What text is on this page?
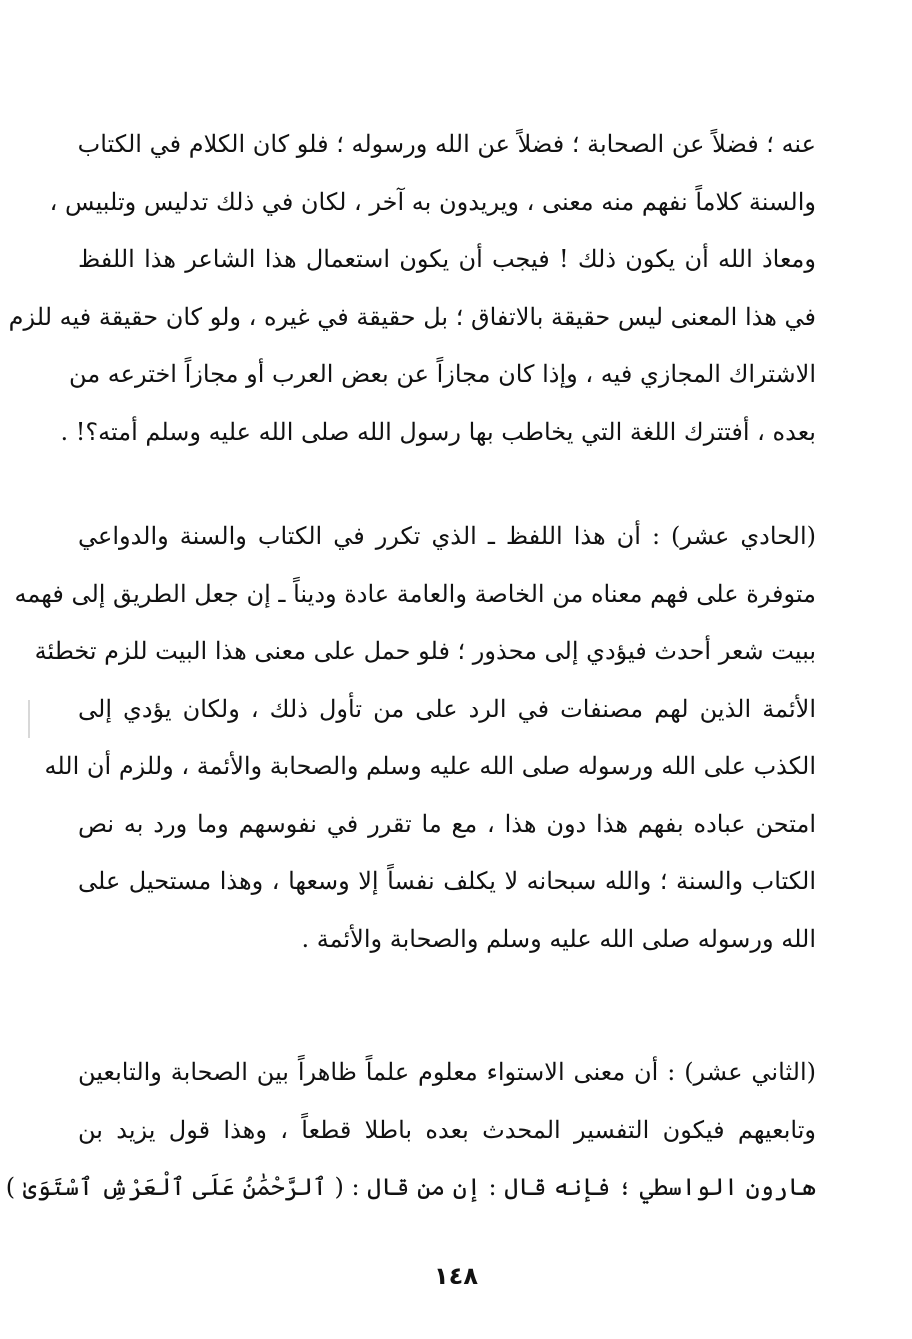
عنه ؛ فضلاً عن الصحابة ؛ فضلاً عن الله ورسوله ؛ فلو كان الكلام في الكتاب
والسنة كلاماً نفهم منه معنى ، ويريدون به آخر ، لكان في ذلك تدليس وتلبيس ،
ومعاذ الله أن يكون ذلك ! فيجب أن يكون استعمال هذا الشاعر هذا اللفظ
في هذا المعنى ليس حقيقة بالاتفاق ؛ بل حقيقة في غيره ، ولو كان حقيقة فيه للزم
الاشتراك المجازي فيه ، وإذا كان مجازاً عن بعض العرب أو مجازاً اخترعه من
بعده ، أفتترك اللغة التي يخاطب بها رسول الله صلى الله عليه وسلم أمته؟! .
(الحادي عشر) : أن هذا اللفظ ـ الذي تكرر في الكتاب والسنة والدواعي
متوفرة على فهم معناه من الخاصة والعامة عادة وديناً ـ إن جعل الطريق إلى فهمه
ببيت شعر أحدث فيؤدي إلى محذور ؛ فلو حمل على معنى هذا البيت للزم تخطئة
الأئمة الذين لهم مصنفات في الرد على من تأول ذلك ، ولكان يؤدي إلى
الكذب على الله ورسوله صلى الله عليه وسلم والصحابة والأئمة ، وللزم أن الله
امتحن عباده بفهم هذا دون هذا ، مع ما تقرر في نفوسهم وما ورد به نص
الكتاب والسنة ؛ والله سبحانه لا يكلف نفساً إلا وسعها ، وهذا مستحيل على
الله ورسوله صلى الله عليه وسلم والصحابة والأئمة .
(الثاني عشر) : أن معنى الاستواء معلوم علماً ظاهراً بين الصحابة والتابعين
وتابعيهم فيكون التفسير المحدث بعده باطلا قطعاً ، وهذا قول يزيد بن
هارون الواسطي ؛ فإنه قال : إن من قال : ( ٱلرَّحْمَٰنُ عَلَى ٱلْعَرْشِ ٱسْتَوَىٰ )
١٤٨
